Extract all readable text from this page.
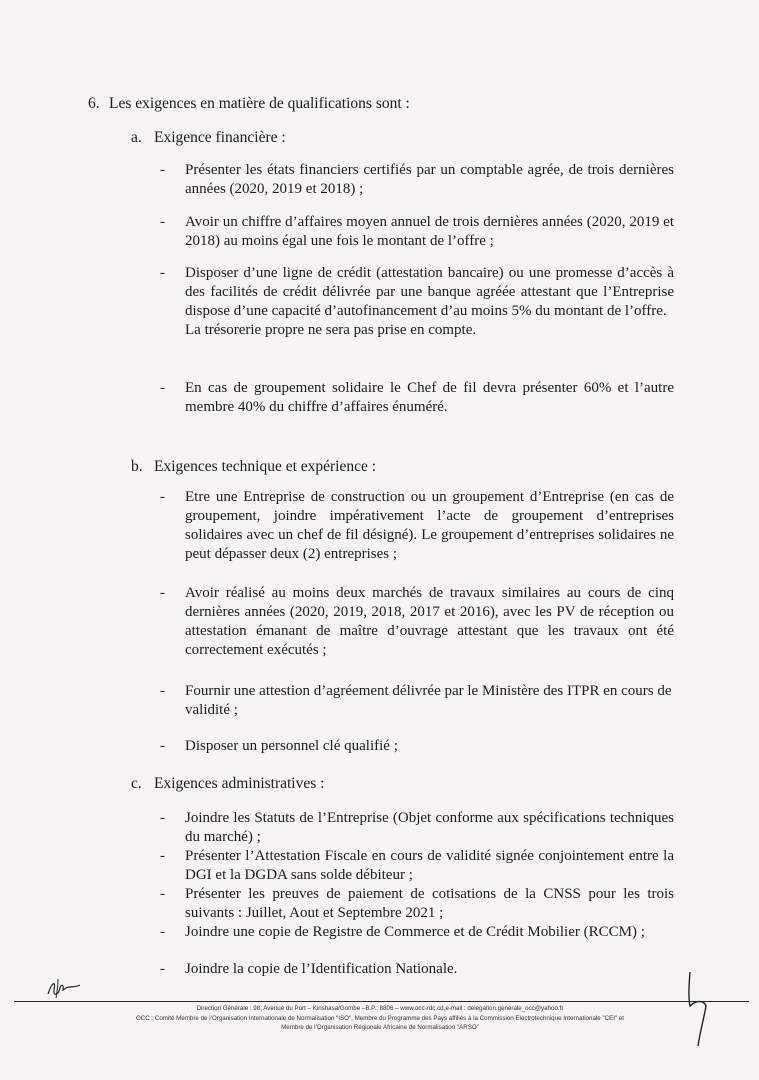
6. Les exigences en matière de qualifications sont :
a. Exigence financière :
-	Présenter les états financiers certifiés par un comptable agrée, de trois dernières années (2020, 2019 et 2018) ;

-	Avoir un chiffre d’affaires moyen annuel de trois dernières années (2020, 2019 et 2018) au moins égal une fois le montant de l’offre ;

-	Disposer d’une ligne de crédit (attestation bancaire) ou une promesse d’accès à des facilités de crédit délivrée par une banque agréée attestant que l’Entreprise dispose d’une capacité d’autofinancement d’au moins 5% du montant de l’offre.

La trésorerie propre ne sera pas prise en compte.

-	En cas de groupement solidaire le Chef de fil devra présenter 60% et l’autre membre 40% du chiffre d’affaires énuméré.

b. Exigences technique et expérience :
-	Etre une Entreprise de construction ou un groupement d’Entreprise (en cas de groupement, joindre impérativement l’acte de groupement d’entreprises solidaires avec un chef de fil désigné). Le groupement d’entreprises solidaires ne peut dépasser deux (2) entreprises ;

-	Avoir réalisé au moins deux marchés de travaux similaires au cours de cinq dernières années (2020, 2019, 2018, 2017 et 2016), avec les PV de réception ou attestation émanant de maître d’ouvrage attestant que les travaux ont été correctement exécutés ;

-	Fournir une attestion d’agréement délivrée par le Ministère des ITPR en cours de validité ;

-	Disposer un personnel clé qualifié ;

c. Exigences administratives :
-	Joindre les Statuts de l’Entreprise (Objet conforme aux spécifications techniques du marché) ;

-	Présenter l’Attestation Fiscale en cours de validité signée conjointement entre la DGI et la DGDA sans solde débiteur ;

-	Présenter les preuves de paiement de cotisations de la CNSS pour les trois suivants : Juillet, Aout et Septembre 2021 ;

-	Joindre une copie de Registre de Commerce et de Crédit Mobilier (RCCM) ;

-	Joindre la copie de l’Identification Nationale.

Direction Générale : 98, Avenue du Port – Kinshasa/Gombe –B.P.: 8806 – www.occ-rdc.cd,e-mail : delegation.generale_occ@yahoo.fr
OCC : Comité Membre de l’Organisation Internationale de Normalisation "ISO", Membre du Programme des Pays affiliés à la Commission Electrotechnique Internationale "CEI" et
Membre de l’Organisation Régionale Africaine de Normalisation "ARSO"
